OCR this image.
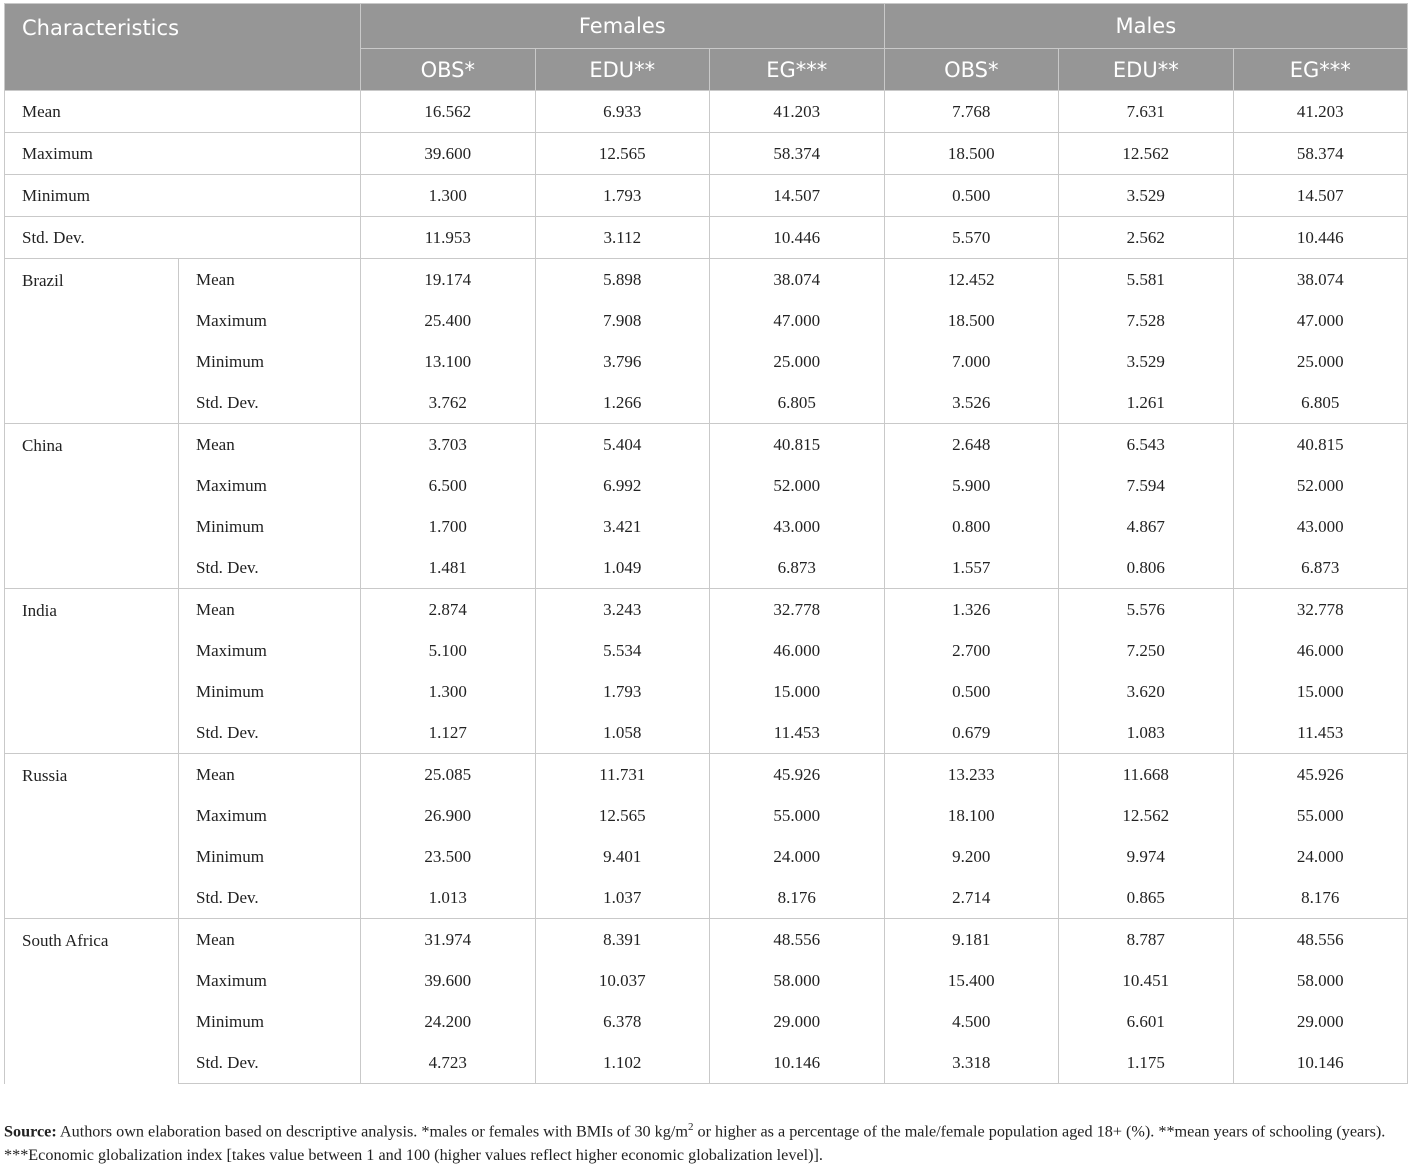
Characteristics		Females			Males		
		OBS*	EDU**	EG***	OBS*	EDU**	EG***
Mean		16.562	6.933	41.203	7.768	7.631	41.203
Maximum		39.600	12.565	58.374	18.500	12.562	58.374
Minimum		1.300	1.793	14.507	0.500	3.529	14.507
Std. Dev.		11.953	3.112	10.446	5.570	2.562	10.446
Brazil	Mean	19.174	5.898	38.074	12.452	5.581	38.074
	Maximum	25.400	7.908	47.000	18.500	7.528	47.000
	Minimum	13.100	3.796	25.000	7.000	3.529	25.000
	Std. Dev.	3.762	1.266	6.805	3.526	1.261	6.805
China	Mean	3.703	5.404	40.815	2.648	6.543	40.815
	Maximum	6.500	6.992	52.000	5.900	7.594	52.000
	Minimum	1.700	3.421	43.000	0.800	4.867	43.000
	Std. Dev.	1.481	1.049	6.873	1.557	0.806	6.873
India	Mean	2.874	3.243	32.778	1.326	5.576	32.778
	Maximum	5.100	5.534	46.000	2.700	7.250	46.000
	Minimum	1.300	1.793	15.000	0.500	3.620	15.000
	Std. Dev.	1.127	1.058	11.453	0.679	1.083	11.453
Russia	Mean	25.085	11.731	45.926	13.233	11.668	45.926
	Maximum	26.900	12.565	55.000	18.100	12.562	55.000
	Minimum	23.500	9.401	24.000	9.200	9.974	24.000
	Std. Dev.	1.013	1.037	8.176	2.714	0.865	8.176
South Africa	Mean	31.974	8.391	48.556	9.181	8.787	48.556
	Maximum	39.600	10.037	58.000	15.400	10.451	58.000
	Minimum	24.200	6.378	29.000	4.500	6.601	29.000
	Std. Dev.	4.723	1.102	10.146	3.318	1.175	10.146
Source: Authors own elaboration based on descriptive analysis. *males or females with BMIs of 30 $kg/m^2$ or higher as a percentage of the male/female population aged 18+ (%). **mean years of schooling (years). ***Economic globalization index [takes value between 1 and 100 (higher values reflect higher economic globalization level)].
